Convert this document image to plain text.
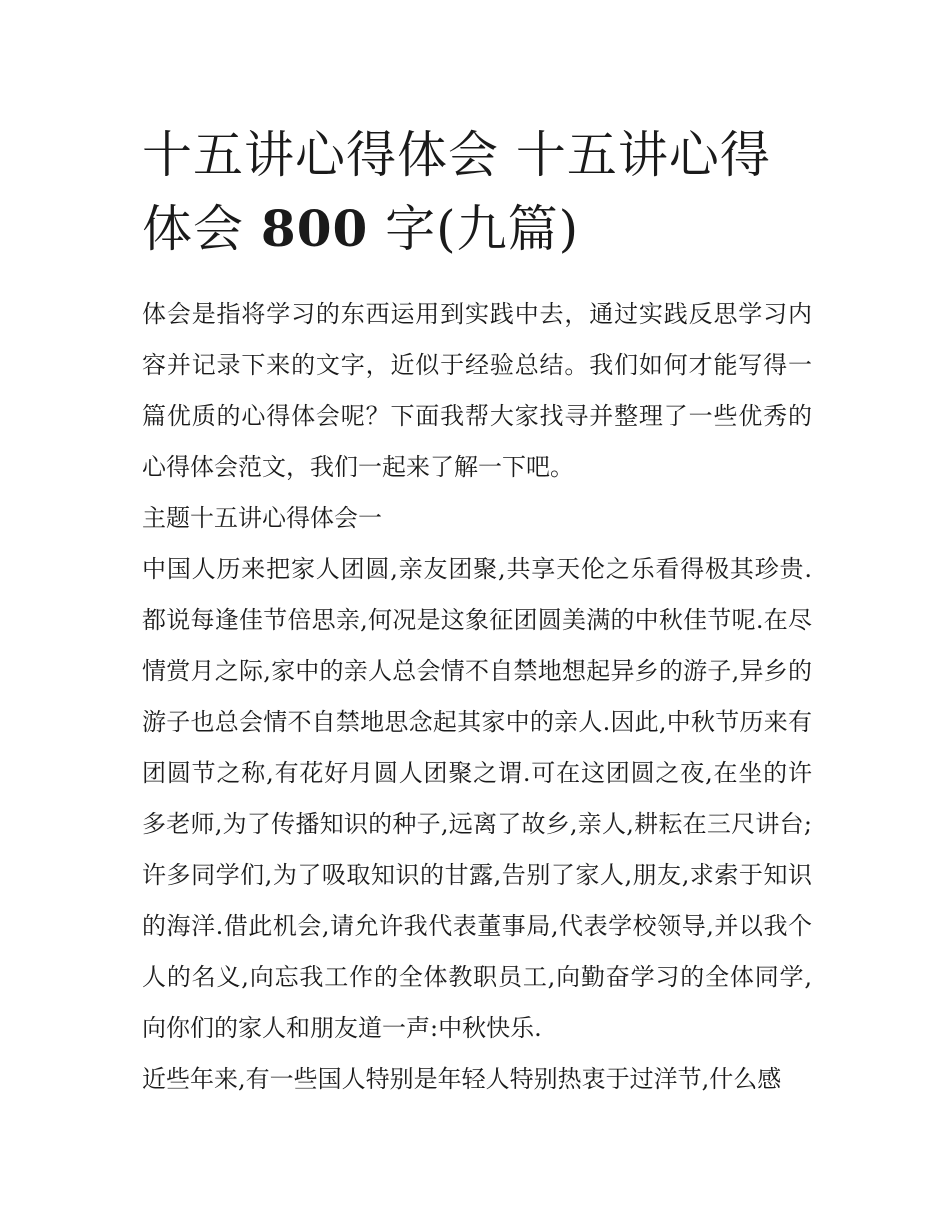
十五讲心得体会 十五讲心得体会 800 字(九篇)

体会是指将学习的东西运用到实践中去，通过实践反思学习内容并记录下来的文字，近似于经验总结。我们如何才能写得一篇优质的心得体会呢？下面我帮大家找寻并整理了一些优秀的心得体会范文，我们一起来了解一下吧。

主题十五讲心得体会一

中国人历来把家人团圆,亲友团聚,共享天伦之乐看得极其珍贵.都说每逢佳节倍思亲,何况是这象征团圆美满的中秋佳节呢.在尽情赏月之际,家中的亲人总会情不自禁地想起异乡的游子,异乡的游子也总会情不自禁地思念起其家中的亲人.因此,中秋节历来有团圆节之称,有花好月圆人团聚之谓.可在这团圆之夜,在坐的许多老师,为了传播知识的种子,远离了故乡,亲人,耕耘在三尺讲台;许多同学们,为了吸取知识的甘露,告别了家人,朋友,求索于知识的海洋.借此机会,请允许我代表董事局,代表学校领导,并以我个人的名义,向忘我工作的全体教职员工,向勤奋学习的全体同学,向你们的家人和朋友道一声:中秋快乐.

近些年来,有一些国人特别是年轻人特别热衷于过洋节,什么感
